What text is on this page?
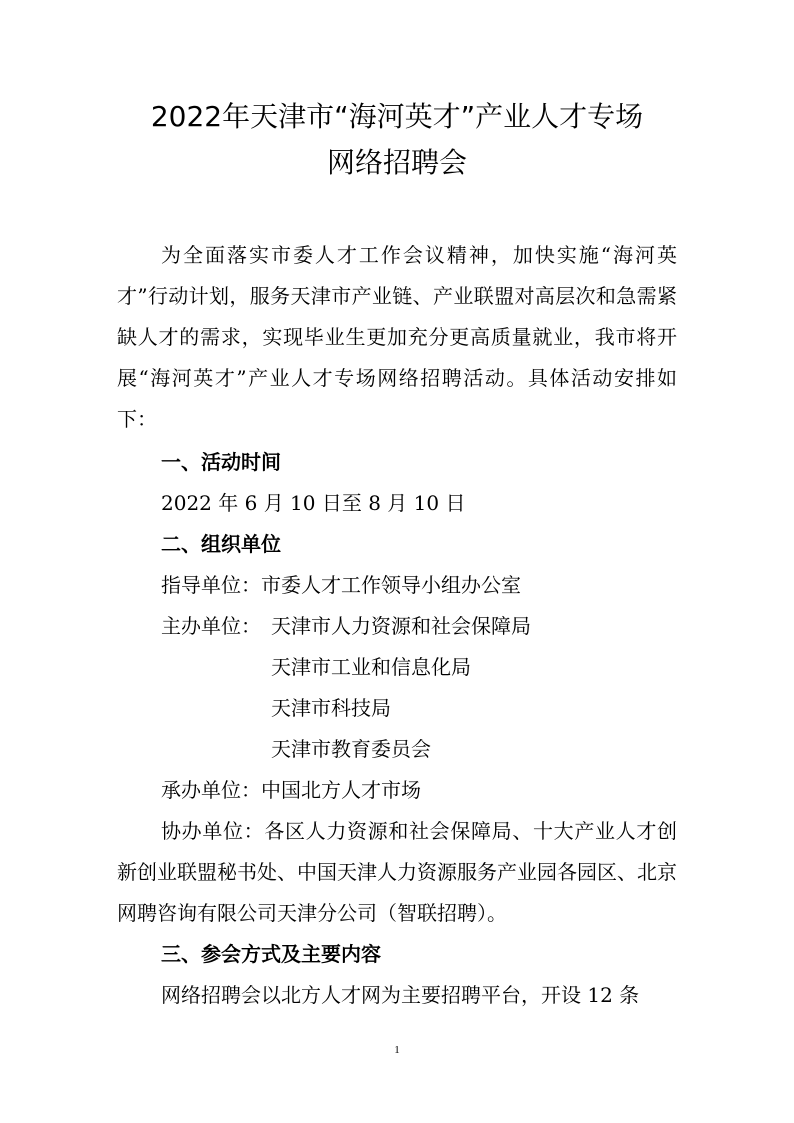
2022年天津市“海河英才”产业人才专场
网络招聘会

为全面落实市委人才工作会议精神，加快实施“海河英才”行动计划，服务天津市产业链、产业联盟对高层次和急需紧缺人才的需求，实现毕业生更加充分更高质量就业，我市将开展“海河英才”产业人才专场网络招聘活动。具体活动安排如下：

一、活动时间
2022 年 6 月 10 日至 8 月 10 日
二、组织单位
指导单位：市委人才工作领导小组办公室
主办单位： 天津市人力资源和社会保障局
天津市工业和信息化局
天津市科技局
天津市教育委员会
承办单位：中国北方人才市场

协办单位：各区人力资源和社会保障局、十大产业人才创新创业联盟秘书处、中国天津人力资源服务产业园各园区、北京网聘咨询有限公司天津分公司（智联招聘）。

三、参会方式及主要内容
网络招聘会以北方人才网为主要招聘平台，开设 12 条
1
